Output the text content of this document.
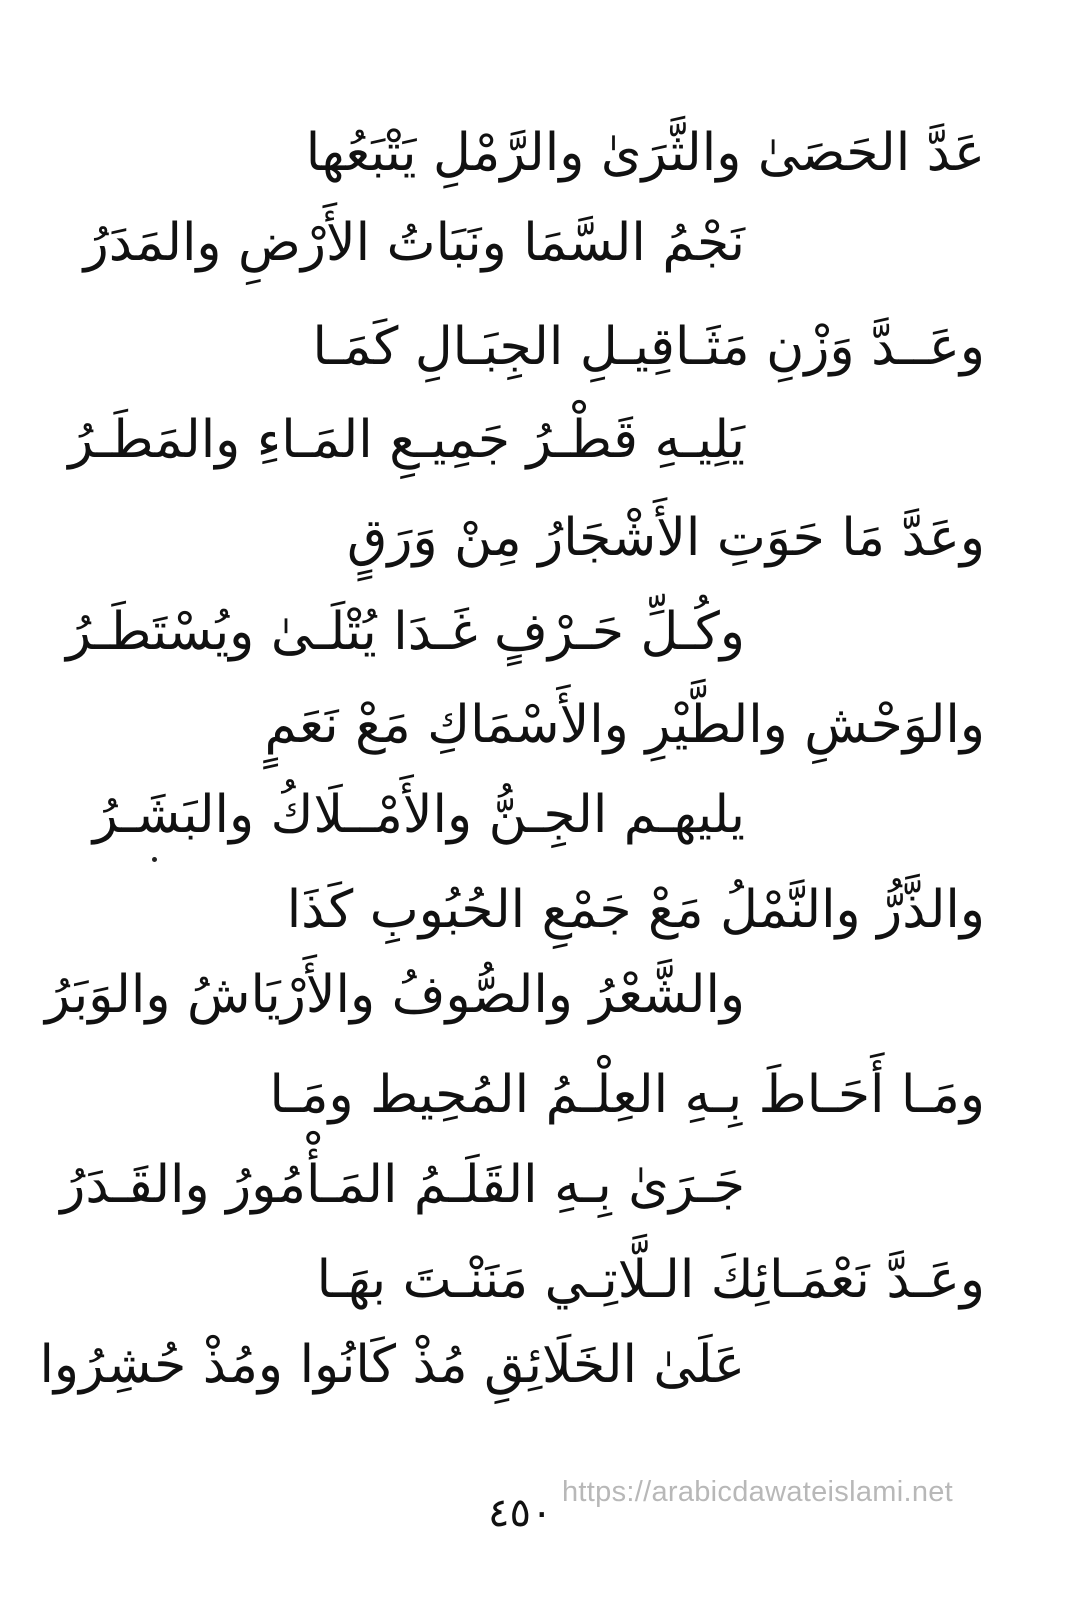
عَدَّ الحَصَىٰ والثَّرَىٰ والرَّمْلِ يَتْبَعُها
نَجْمُ السَّمَا ونَبَاتُ الأَرْضِ والمَدَرُ
وعَــدَّ وَزْنِ مَثَـاقِيـلِ الجِبَـالِ كَمَـا
يَلِيـهِ قَطْـرُ جَمِيـعِ المَـاءِ والمَطَـرُ
وعَدَّ مَا حَوَتِ الأَشْجَارُ مِنْ وَرَقٍ
وكُـلِّ حَـرْفٍ غَـدَا يُتْلَـىٰ ويُسْتَطَـرُ
والوَحْشِ والطَّيْرِ والأَسْمَاكِ مَعْ نَعَمٍ
يليهـم الجِـنُّ والأَمْــلَاكُ والبَشَـرُ
والذَّرُّ والنَّمْلُ مَعْ جَمْعِ الحُبُوبِ كَذَا
والشَّعْرُ والصُّوفُ والأَرْيَاشُ والوَبَرُ
ومَـا أَحَـاطَ بِـهِ العِلْـمُ المُحِيط ومَـا
جَـرَىٰ بِـهِ القَلَـمُ المَـأْمُورُ والقَـدَرُ
وعَـدَّ نَعْمَـائِكَ الـلَّاتِـي مَنَنْـتَ بهَـا
عَلَىٰ الخَلَائِقِ مُذْ كَانُوا ومُذْ حُشِرُوا
https://arabicdawateislami.net
٤٥٠
